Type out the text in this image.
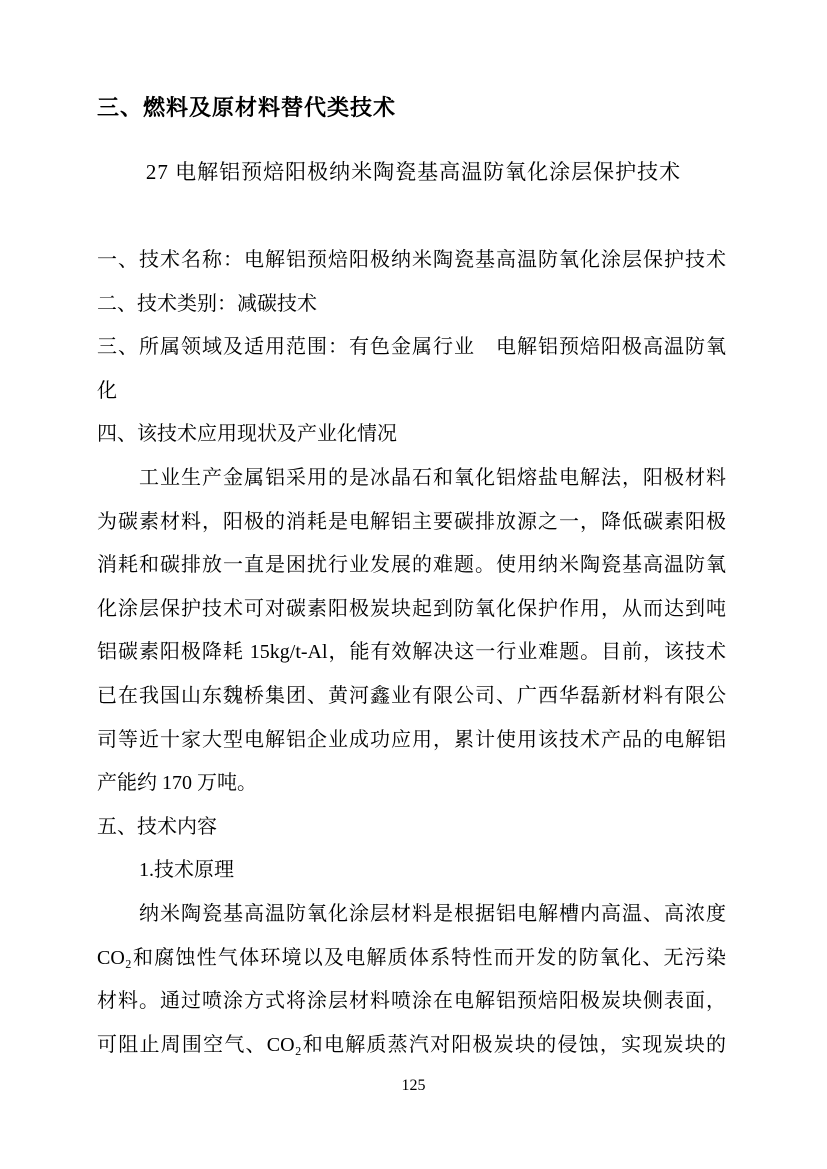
三、燃料及原材料替代类技术
27 电解铝预焙阳极纳米陶瓷基高温防氧化涂层保护技术
一、技术名称：电解铝预焙阳极纳米陶瓷基高温防氧化涂层保护技术
二、技术类别：减碳技术
三、所属领域及适用范围：有色金属行业　电解铝预焙阳极高温防氧
化
四、该技术应用现状及产业化情况
工业生产金属铝采用的是冰晶石和氧化铝熔盐电解法，阳极材料
为碳素材料，阳极的消耗是电解铝主要碳排放源之一，降低碳素阳极
消耗和碳排放一直是困扰行业发展的难题。使用纳米陶瓷基高温防氧
化涂层保护技术可对碳素阳极炭块起到防氧化保护作用，从而达到吨
铝碳素阳极降耗 15kg/t-Al，能有效解决这一行业难题。目前，该技术
已在我国山东魏桥集团、黄河鑫业有限公司、广西华磊新材料有限公
司等近十家大型电解铝企业成功应用，累计使用该技术产品的电解铝
产能约 170 万吨。
五、技术内容
1.技术原理
纳米陶瓷基高温防氧化涂层材料是根据铝电解槽内高温、高浓度
CO₂和腐蚀性气体环境以及电解质体系特性而开发的防氧化、无污染
材料。通过喷涂方式将涂层材料喷涂在电解铝预焙阳极炭块侧表面，
可阻止周围空气、CO₂和电解质蒸汽对阳极炭块的侵蚀，实现炭块的
125
